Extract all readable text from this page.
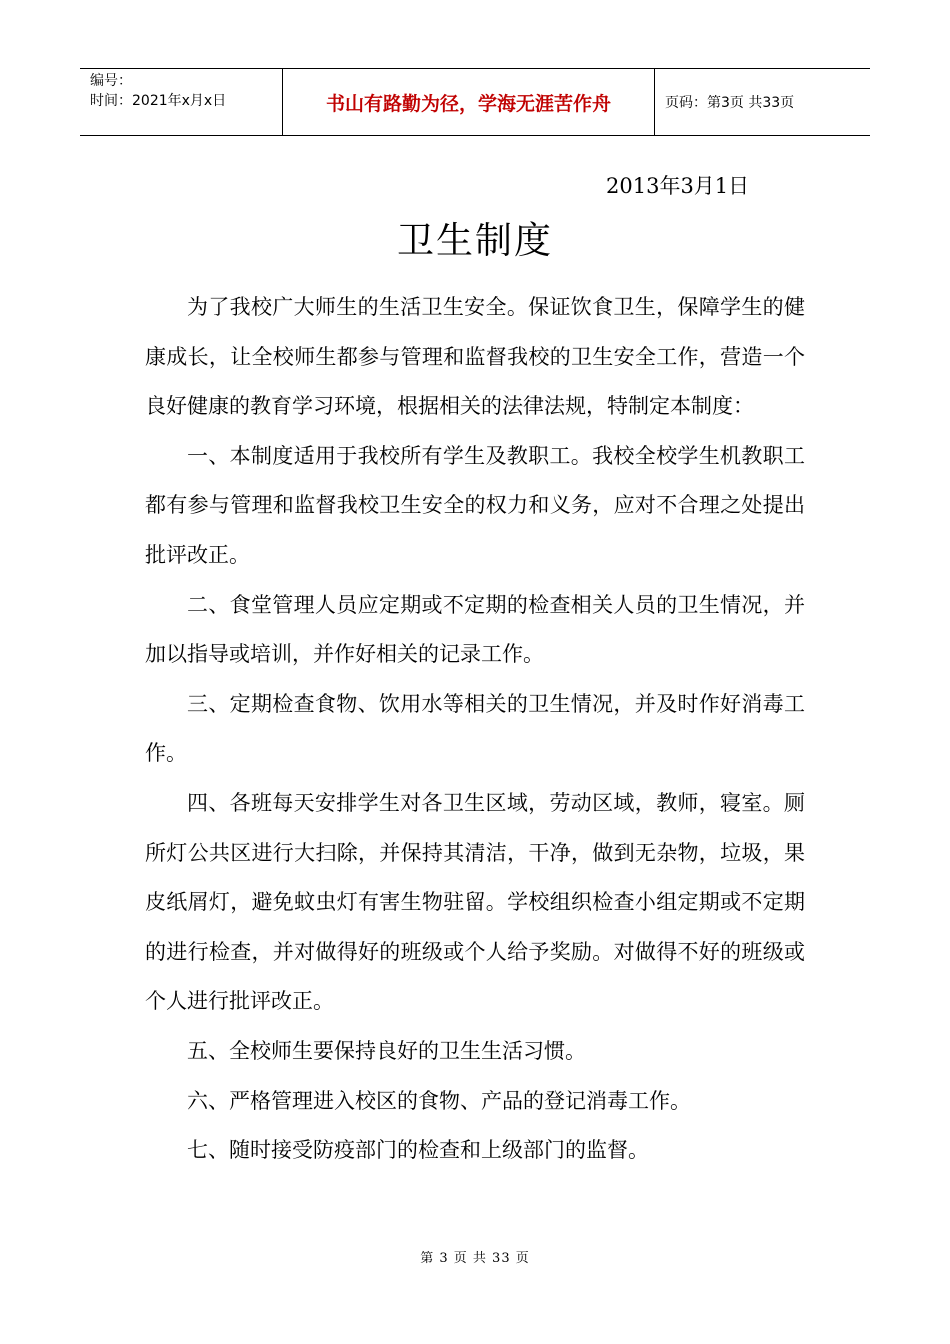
编号：
时间：2021年x月x日	书山有路勤为径，学海无涯苦作舟	页码：第3页 共33页
2013年3月1日
卫生制度

为了我校广大师生的生活卫生安全。保证饮食卫生，保障学生的健康成长，让全校师生都参与管理和监督我校的卫生安全工作，营造一个良好健康的教育学习环境，根据相关的法律法规，特制定本制度：

一、本制度适用于我校所有学生及教职工。我校全校学生机教职工都有参与管理和监督我校卫生安全的权力和义务，应对不合理之处提出批评改正。

二、食堂管理人员应定期或不定期的检查相关人员的卫生情况，并加以指导或培训，并作好相关的记录工作。

三、定期检查食物、饮用水等相关的卫生情况，并及时作好消毒工作。

四、各班每天安排学生对各卫生区域，劳动区域，教师，寝室。厕所灯公共区进行大扫除，并保持其清洁，干净，做到无杂物，垃圾，果皮纸屑灯，避免蚊虫灯有害生物驻留。学校组织检查小组定期或不定期的进行检查，并对做得好的班级或个人给予奖励。对做得不好的班级或个人进行批评改正。

五、全校师生要保持良好的卫生生活习惯。

六、严格管理进入校区的食物、产品的登记消毒工作。

七、随时接受防疫部门的检查和上级部门的监督。

第 3 页 共 33 页
